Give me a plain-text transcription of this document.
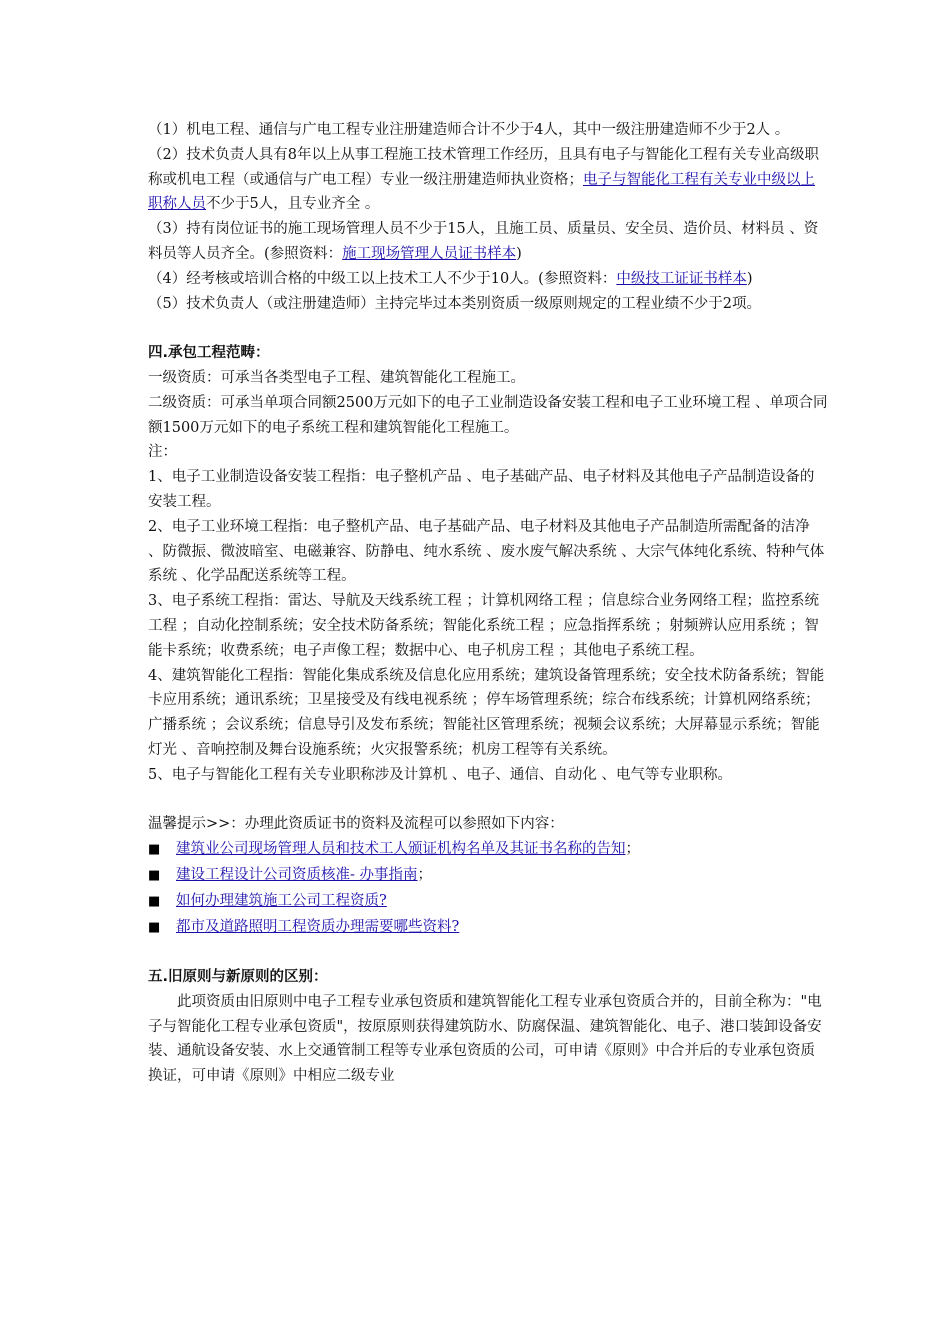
（1）机电工程、通信与广电工程专业注册建造师合计不少于4人，其中一级注册建造师不少于2人 。

（2）技术负责人具有8年以上从事工程施工技术管理工作经历，且具有电子与智能化工程有关专业高级职称或机电工程（或通信与广电工程）专业一级注册建造师执业资格；电子与智能化工程有关专业中级以上职称人员不少于5人，且专业齐全 。

（3）持有岗位证书的施工现场管理人员不少于15人，且施工员、质量员、安全员、造价员、材料员 、资料员等人员齐全。(参照资料：施工现场管理人员证书样本)

（4）经考核或培训合格的中级工以上技术工人不少于10人。(参照资料：中级技工证证书样本)

（5）技术负责人（或注册建造师）主持完毕过本类别资质一级原则规定的工程业绩不少于2项。

四.承包工程范畴：

一级资质：可承当各类型电子工程、建筑智能化工程施工。

二级资质：可承当单项合同额2500万元如下的电子工业制造设备安装工程和电子工业环境工程 、单项合同额1500万元如下的电子系统工程和建筑智能化工程施工。

注：

1、电子工业制造设备安装工程指：电子整机产品 、电子基础产品、电子材料及其他电子产品制造设备的安装工程。

2、电子工业环境工程指：电子整机产品、电子基础产品、电子材料及其他电子产品制造所需配备的洁净 、防微振、微波暗室、电磁兼容、防静电、纯水系统 、废水废气解决系统 、大宗气体纯化系统、特种气体系统 、化学品配送系统等工程。

3、电子系统工程指：雷达、导航及天线系统工程 ；计算机网络工程 ；信息综合业务网络工程；监控系统工程 ；自动化控制系统；安全技术防备系统；智能化系统工程 ；应急指挥系统 ；射频辨认应用系统 ；智能卡系统；收费系统；电子声像工程；数据中心、电子机房工程 ；其他电子系统工程。

4、建筑智能化工程指：智能化集成系统及信息化应用系统；建筑设备管理系统；安全技术防备系统；智能卡应用系统；通讯系统；卫星接受及有线电视系统 ；停车场管理系统；综合布线系统；计算机网络系统；广播系统 ；会议系统；信息导引及发布系统；智能社区管理系统；视频会议系统；大屏幕显示系统；智能灯光 、音响控制及舞台设施系统；火灾报警系统；机房工程等有关系统。

5、电子与智能化工程有关专业职称涉及计算机 、电子、通信、自动化 、电气等专业职称。

温馨提示>>：办理此资质证书的资料及流程可以参照如下内容：

■	建筑业公司现场管理人员和技术工人颁证机构名单及其证书名称的告知；
■	建设工程设计公司资质核准- 办事指南；
■	如何办理建筑施工公司工程资质?
■	都市及道路照明工程资质办理需要哪些资料?

五.旧原则与新原则的区别：

此项资质由旧原则中电子工程专业承包资质和建筑智能化工程专业承包资质合并的，目前全称为："电子与智能化工程专业承包资质"，按原原则获得建筑防水、防腐保温、建筑智能化、电子、港口装卸设备安装、通航设备安装、水上交通管制工程等专业承包资质的公司，可申请《原则》中合并后的专业承包资质换证，可申请《原则》中相应二级专业
